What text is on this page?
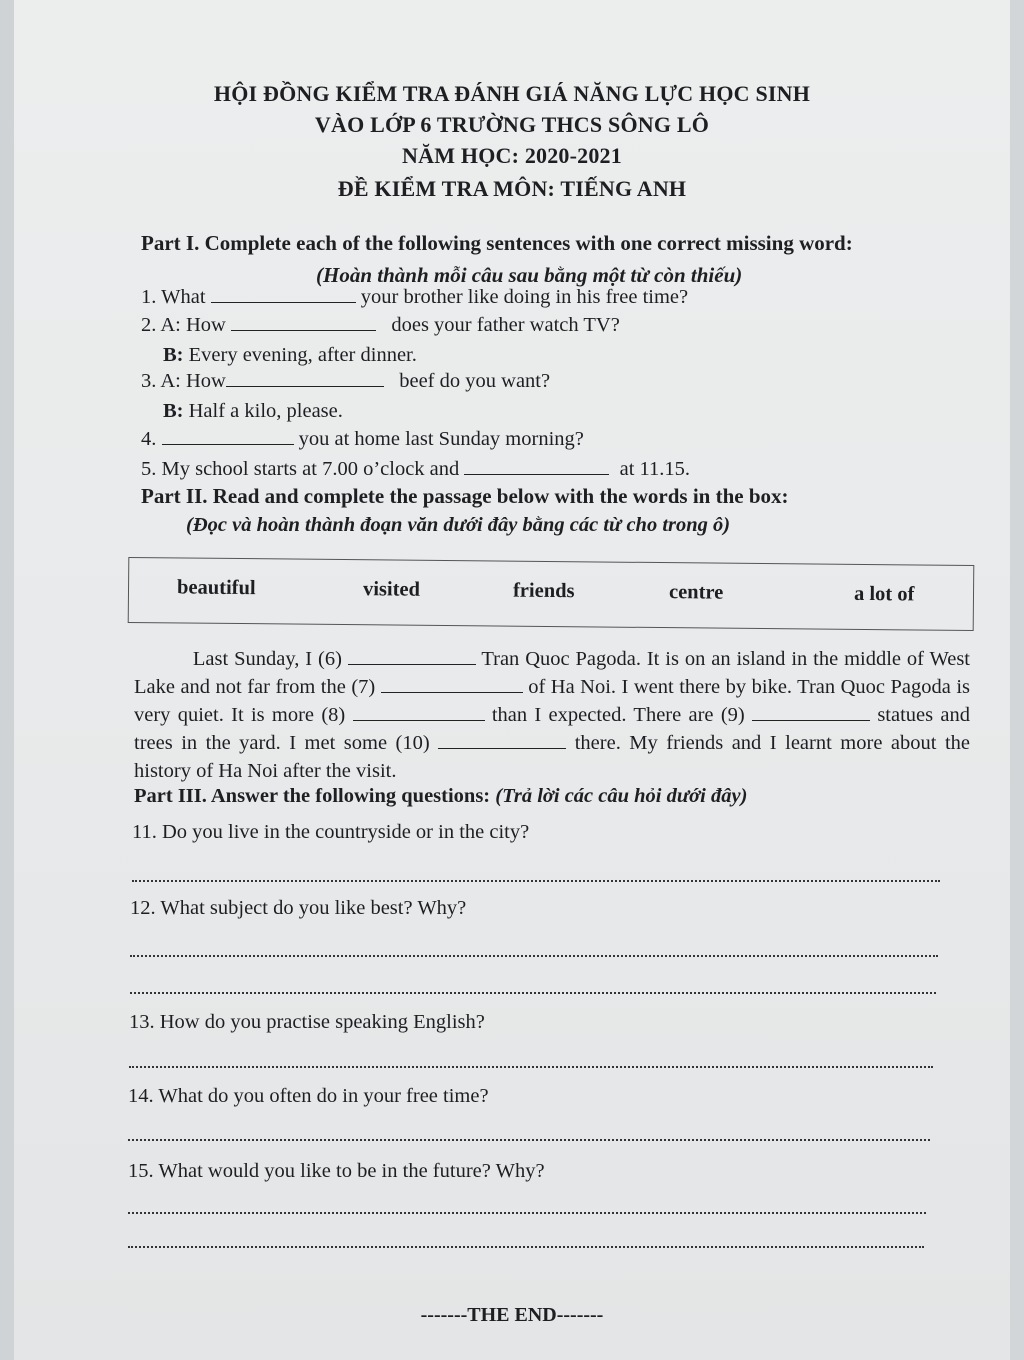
HỘI ĐỒNG KIỂM TRA ĐÁNH GIÁ NĂNG LỰC HỌC SINH
VÀO LỚP 6 TRƯỜNG THCS SÔNG LÔ
NĂM HỌC: 2020-2021
ĐỀ KIỂM TRA MÔN: TIẾNG ANH
Part I. Complete each of the following sentences with one correct missing word:
(Hoàn thành mỗi câu sau bằng một từ còn thiếu)
1. What	your brother like doing in his free time?
2. A: How	does your father watch TV?
B: Every evening, after dinner.
3. A: How	beef do you want?
B: Half a kilo, please.
4.	you at home last Sunday morning?
5. My school starts at 7.00 o’clock and	at 11.15.
Part II. Read and complete the passage below with the words in the box:
(Đọc và hoàn thành đoạn văn dưới đây bằng các từ cho trong ô)
beautiful	visited	friends	centre	a lot of
Last Sunday, I (6)	Tran Quoc Pagoda. It is on an island in the middle of West Lake and not far from the (7)	of Ha Noi. I went there by bike. Tran Quoc Pagoda is very quiet. It is more (8)	than I expected. There are (9)	statues and trees in the yard. I met some (10)	there. My friends and I learnt more about the history of Ha Noi after the visit.
Part III. Answer the following questions: (Trả lời các câu hỏi dưới đây)
11. Do you live in the countryside or in the city?
12. What subject do you like best? Why?
13. How do you practise speaking English?
14. What do you often do in your free time?
15. What would you like to be in the future? Why?
-------THE END-------
